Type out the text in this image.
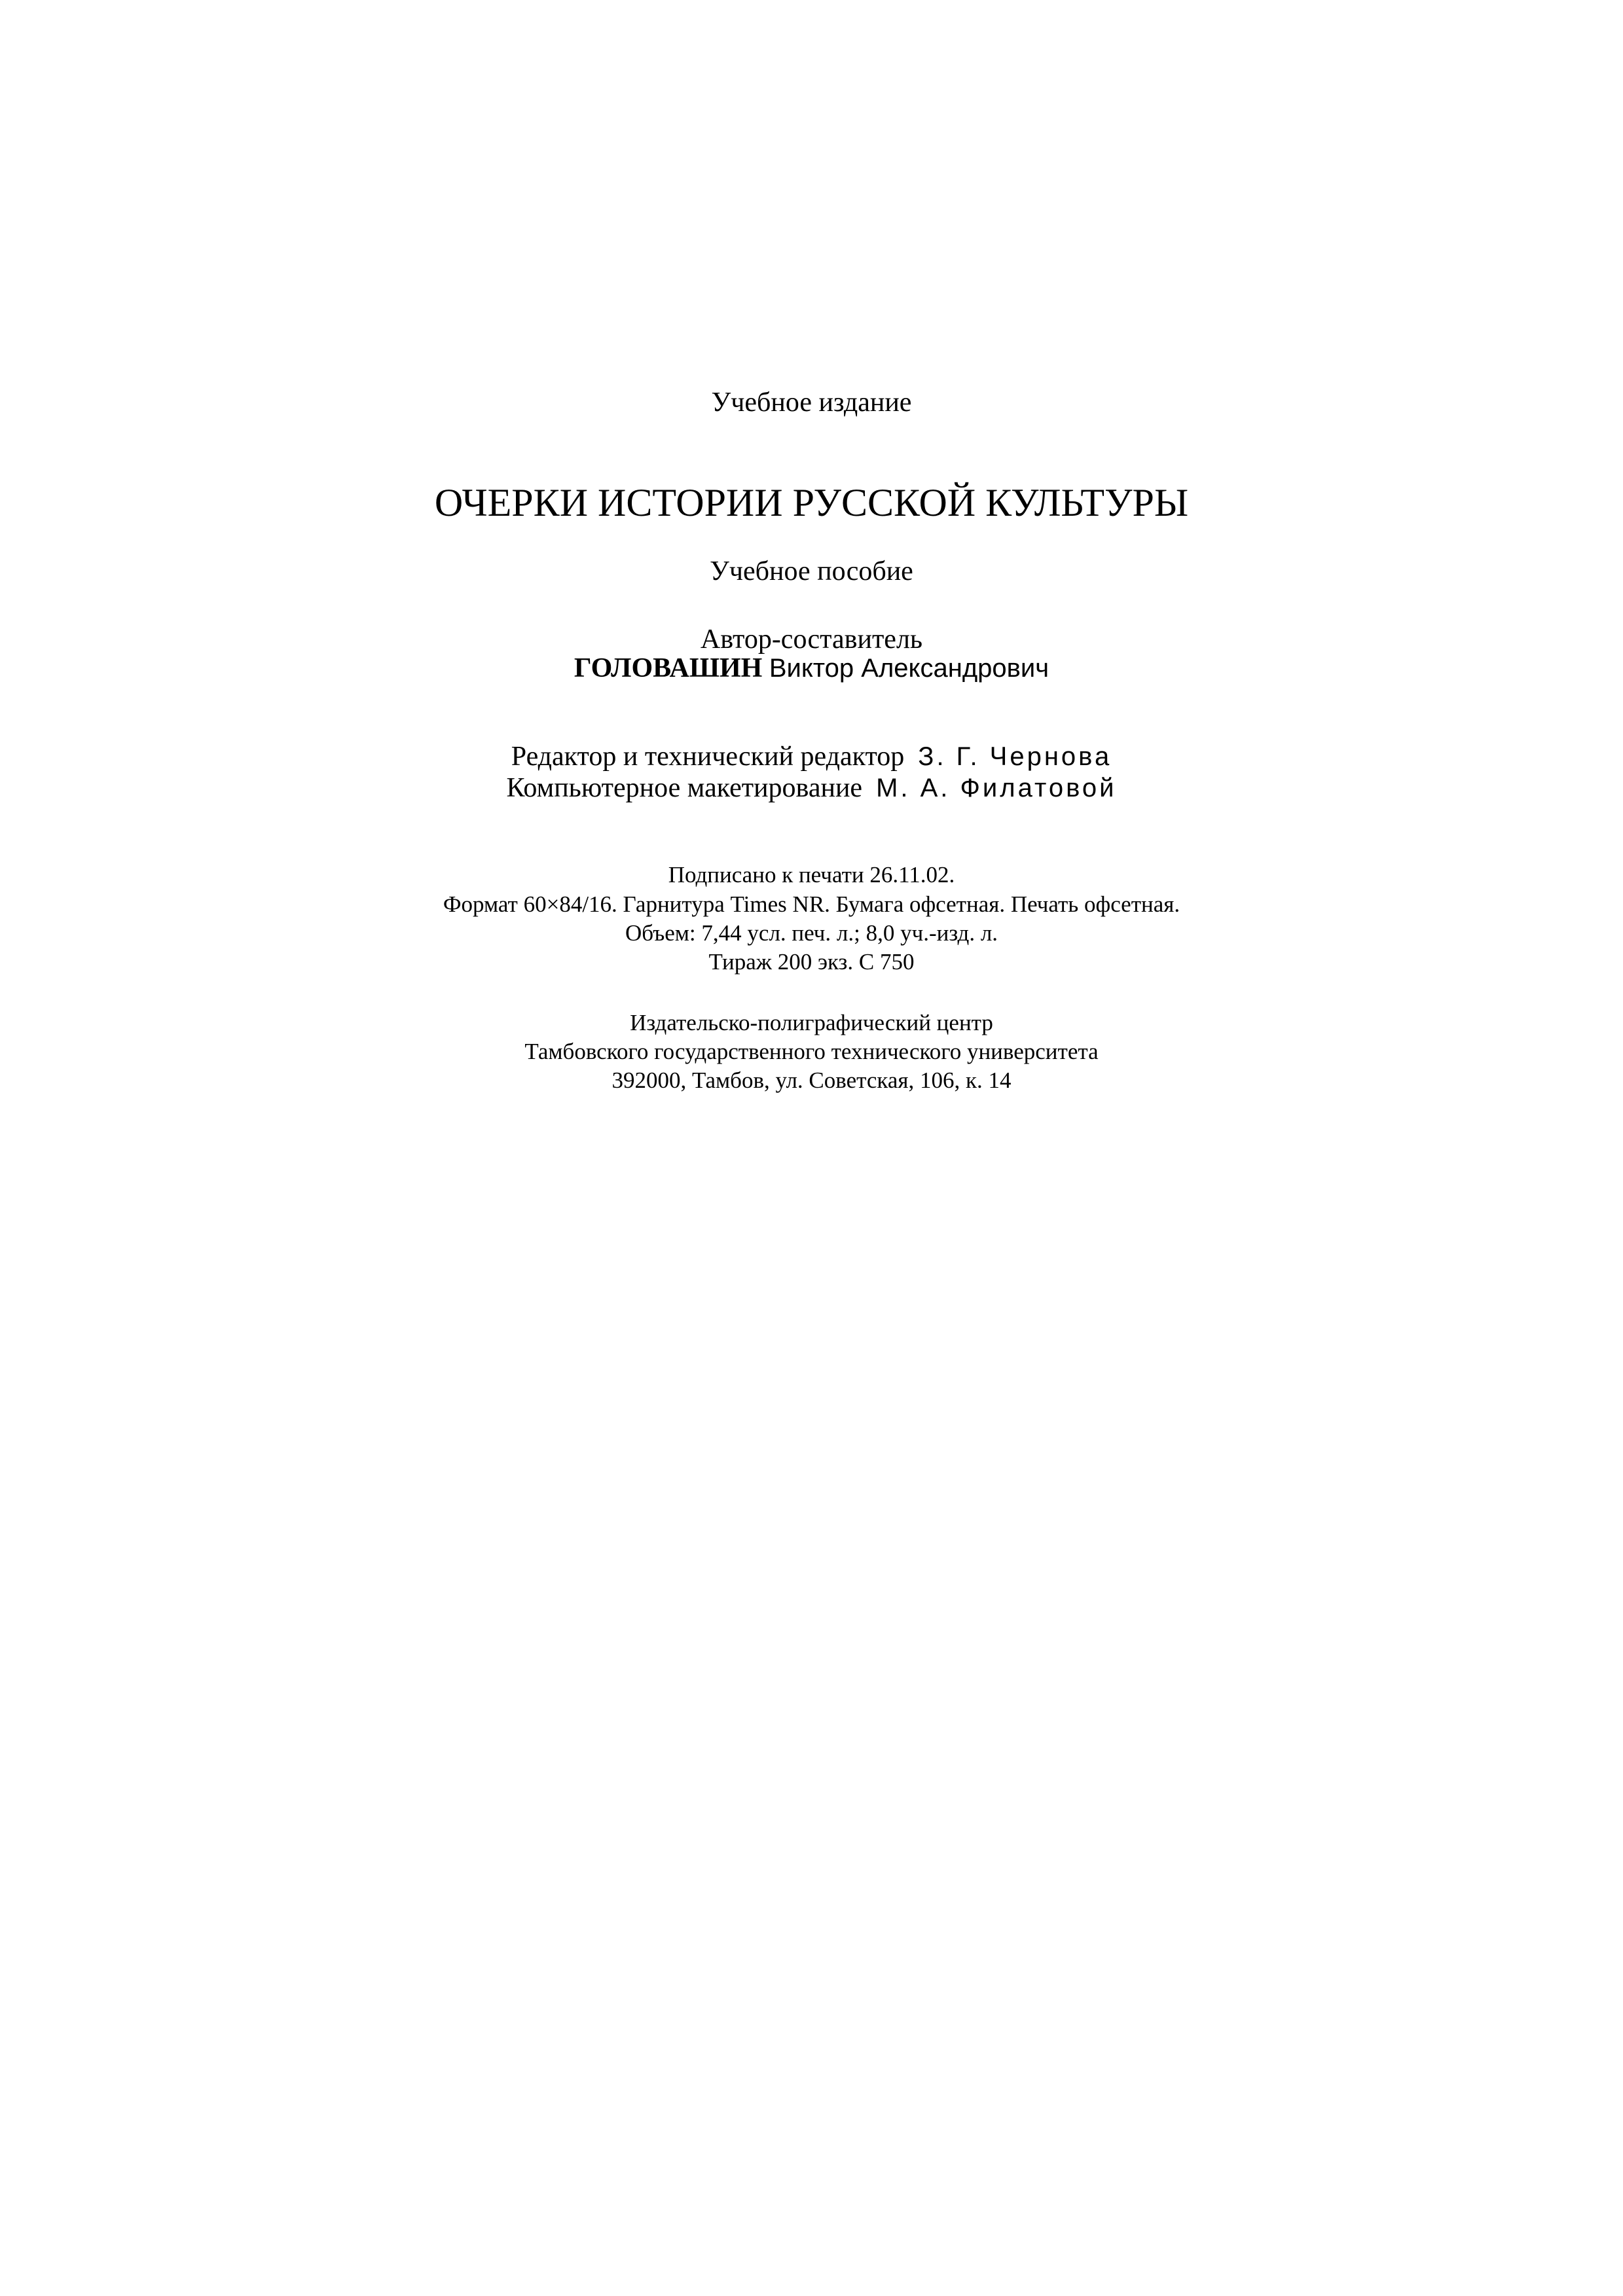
Учебное издание
ОЧЕРКИ ИСТОРИИ РУССКОЙ КУЛЬТУРЫ
Учебное пособие
Автор-составитель
ГОЛОВАШИН Виктор Александрович
Редактор и технический редактор З. Г. Чернова
Компьютерное макетирование М. А. Филатовой
Подписано к печати 26.11.02.
Формат 60×84/16. Гарнитура Times NR. Бумага офсетная. Печать офсетная.
Объем: 7,44 усл. печ. л.; 8,0 уч.-изд. л.
Тираж 200 экз. С 750
Издательско-полиграфический центр
Тамбовского государственного технического университета
392000, Тамбов, ул. Советская, 106, к. 14
